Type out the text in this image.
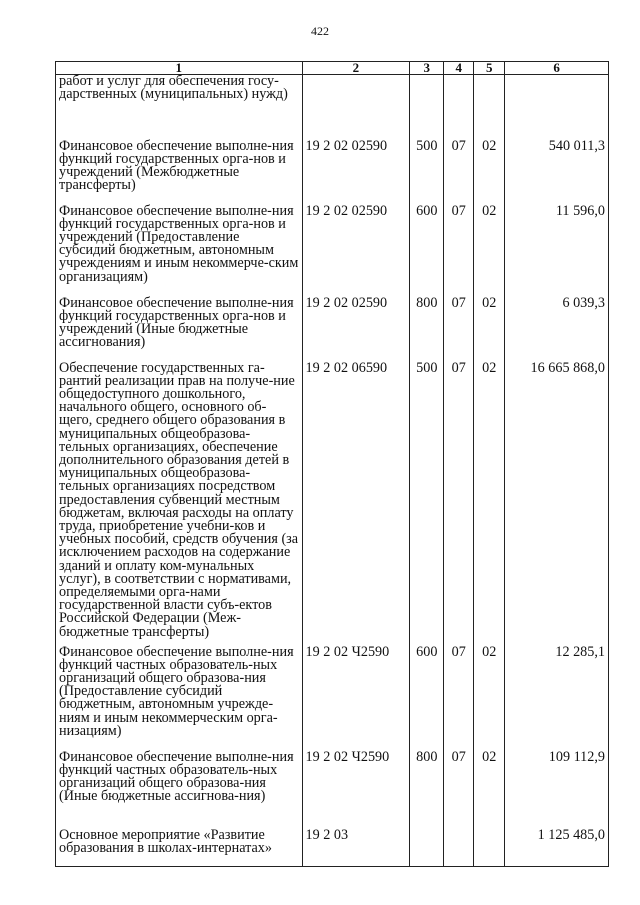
422
1	2	3	4	5	6
работ и услуг для обеспечения госу-дарственных (муниципальных) нужд)					
Финансовое обеспечение выполне-ния функций государственных орга-нов и учреждений (Межбюджетные трансферты)	19 2 02 02590	500	07	02	540 011,3
Финансовое обеспечение выполне-ния функций государственных орга-нов и учреждений (Предоставление субсидий бюджетным, автономным учреждениям и иным некоммерче-ским организациям)	19 2 02 02590	600	07	02	11 596,0
Финансовое обеспечение выполне-ния функций государственных орга-нов и учреждений (Иные бюджетные ассигнования)	19 2 02 02590	800	07	02	6 039,3
Обеспечение государственных га-рантий реализации прав на получе-ние общедоступного дошкольного, начального общего, основного об-щего, среднего общего образования в муниципальных общеобразова-тельных организациях, обеспечение дополнительного образования детей в муниципальных общеобразова-тельных организациях посредством предоставления субвенций местным бюджетам, включая расходы на оплату труда, приобретение учебни-ков и учебных пособий, средств обучения (за исключением расходов на содержание зданий и оплату ком-мунальных услуг), в соответствии с нормативами, определяемыми орга-нами государственной власти субъ-ектов Российской Федерации (Меж-бюджетные трансферты)	19 2 02 06590	500	07	02	16 665 868,0
Финансовое обеспечение выполне-ния функций частных образователь-ных организаций общего образова-ния (Предоставление субсидий бюджетным, автономным учрежде-ниям и иным некоммерческим орга-низациям)	19 2 02 Ч2590	600	07	02	12 285,1
Финансовое обеспечение выполне-ния функций частных образователь-ных организаций общего образова-ния (Иные бюджетные ассигнова-ния)	19 2 02 Ч2590	800	07	02	109 112,9
Основное мероприятие «Развитие образования в школах-интернатах»	19 2 03				1 125 485,0
